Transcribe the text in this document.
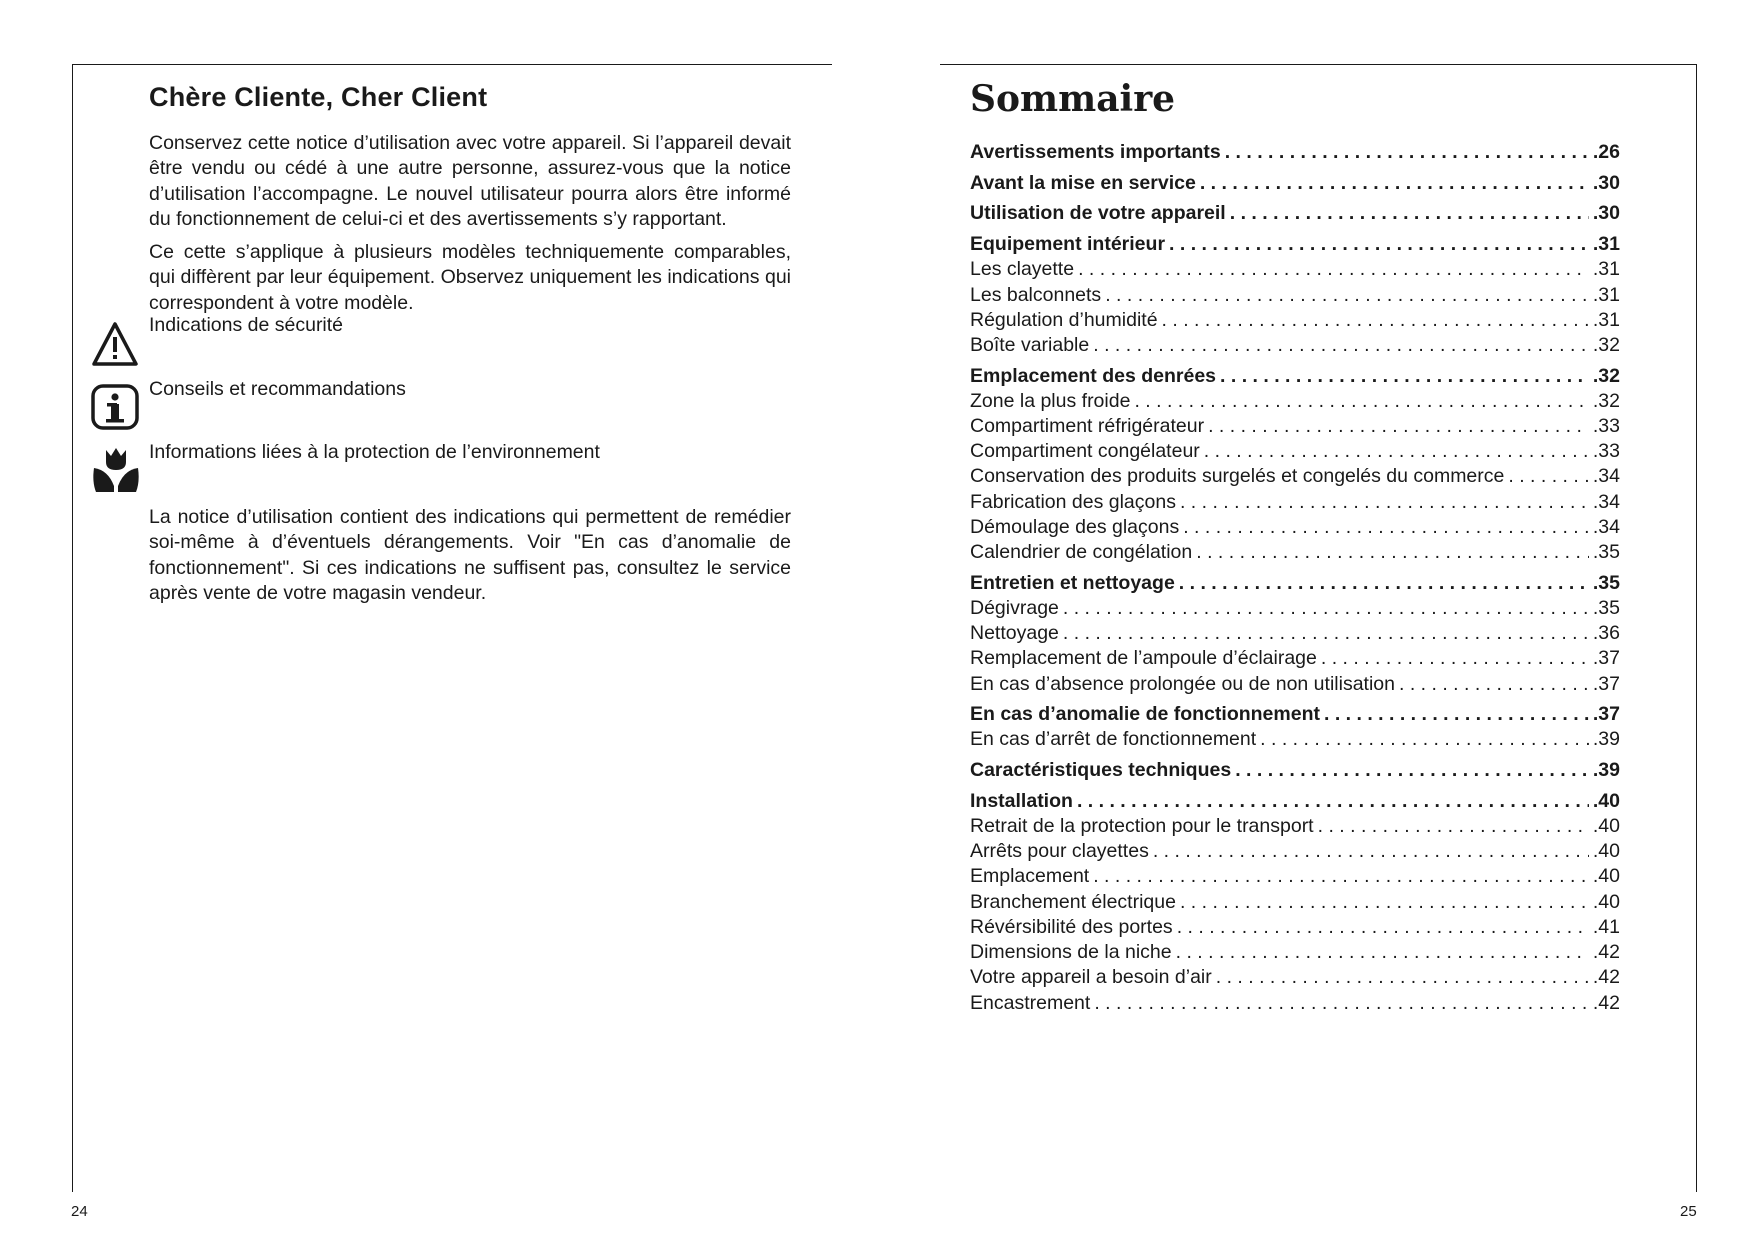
Chère Cliente, Cher Client

Conservez cette notice d’utilisation avec votre appareil. Si l’appareil devait être vendu ou cédé à une autre personne, assurez-vous que la notice d’utilisation l’accompagne. Le nouvel utilisateur pourra alors être informé du fonctionnement de celui-ci et des avertissements s’y rapportant.

Ce cette s’applique à plusieurs modèles techniquemente comparables, qui diffèrent par leur équipement. Observez uniquement les indications qui correspondent à votre modèle.

Indications de sécurité
Conseils et recommandations
Informations liées à la protection de l’environnement

La notice d’utilisation contient des indications qui permettent de remédier soi-même à d’éventuels dérangements. Voir "En cas d’anomalie de fonctionnement". Si ces indications ne suffisent pas, consultez le service après vente de votre magasin vendeur.

24
Sommaire
Avertissements importants . . .	.26
Avant la mise en service . . .	.30
Utilisation de votre appareil . . .	.30
Equipement intérieur . . .	.31
Les clayette . . .	.31
Les balconnets . . .	.31
Régulation d’humidité . . .	.31
Boîte variable . . .	.32
Emplacement des denrées . . .	.32
Zone la plus froide . . .	.32
Compartiment réfrigérateur . . .	.33
Compartiment congélateur . . .	.33
Conservation des produits surgelés et congelés du commerce . . .	.34
Fabrication des glaçons . . .	.34
Démoulage des glaçons . . .	.34
Calendrier de congélation . . .	.35
Entretien et nettoyage . . .	.35
Dégivrage . . .	.35
Nettoyage . . .	.36
Remplacement de l’ampoule d’éclairage . . .	.37
En cas d’absence prolongée ou de non utilisation . . .	.37
En cas d’anomalie de fonctionnement . . .	.37
En cas d’arrêt de fonctionnement . . .	.39
Caractéristiques techniques . . .	.39
Installation . . .	.40
Retrait de la protection pour le transport . . .	.40
Arrêts pour clayettes . . .	.40
Emplacement . . .	.40
Branchement électrique . . .	.40
Révérsibilité des portes . . .	.41
Dimensions de la niche . . .	.42
Votre appareil a besoin d’air . . .	.42
Encastrement . . .	.42
25
